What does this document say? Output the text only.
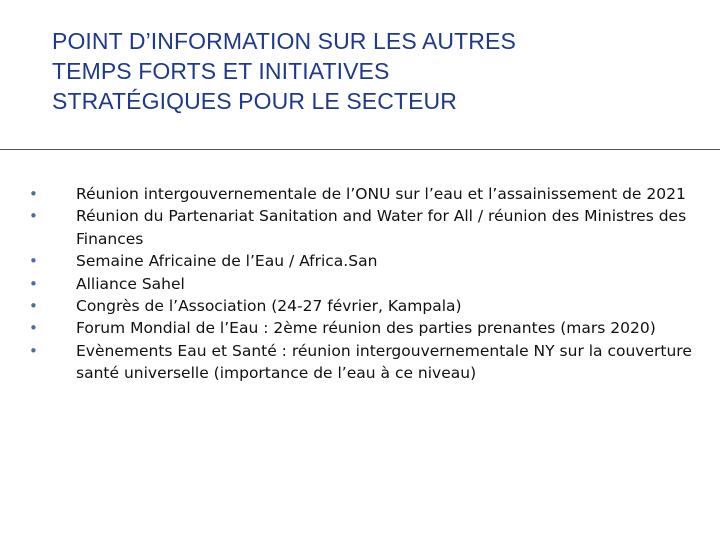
POINT D’INFORMATION SUR LES AUTRES
TEMPS FORTS ET INITIATIVES
STRATÉGIQUES POUR LE SECTEUR
• Réunion intergouvernementale de l’ONU sur l’eau et l’assainissement de 2021
• Réunion du Partenariat Sanitation and Water for All / réunion des Ministres des Finances
• Semaine Africaine de l’Eau / Africa.San
• Alliance Sahel
• Congrès de l’Association (24-27 février, Kampala)
• Forum Mondial de l’Eau : 2ème réunion des parties prenantes (mars 2020)
• Evènements Eau et Santé : réunion intergouvernementale NY sur la couverture santé universelle (importance de l’eau à ce niveau)
